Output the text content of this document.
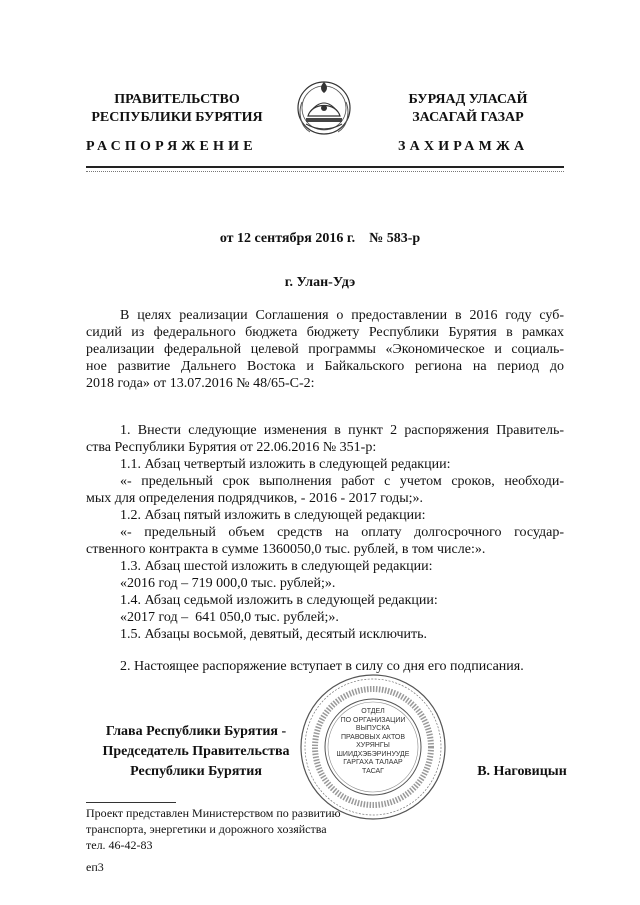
ПРАВИТЕЛЬСТВО
РЕСПУБЛИКИ БУРЯТИЯ
БУРЯАД УЛАСАЙ
ЗАСАГАЙ ГАЗАР
РАСПОРЯЖЕНИЕ	ЗАХИРАМЖА
от 12 сентября 2016 г.    № 583-р
г. Улан-Удэ
В целях реализации Соглашения о предоставлении в 2016 году суб-
сидий из федерального бюджета бюджету Республики Бурятия в рамках
реализации федеральной целевой программы «Экономическое и социаль-
ное развитие Дальнего Востока и Байкальского региона на период до
2018 года» от 13.07.2016 № 48/65-С-2:
1. Внести следующие изменения в пункт 2 распоряжения Правитель-
ства Республики Бурятия от 22.06.2016 № 351-р:
1.1. Абзац четвертый изложить в следующей редакции:
«- предельный срок выполнения работ с учетом сроков, необходи-
мых для определения подрядчиков, - 2016 - 2017 годы;».
1.2. Абзац пятый изложить в следующей редакции:
«- предельный объем средств на оплату долгосрочного государ-
ственного контракта в сумме 1360050,0 тыс. рублей, в том числе:».
1.3. Абзац шестой изложить в следующей редакции:
«2016 год – 719 000,0 тыс. рублей;».
1.4. Абзац седьмой изложить в следующей редакции:
«2017 год –  641 050,0 тыс. рублей;».
1.5. Абзацы восьмой, девятый, десятый исключить.
2. Настоящее распоряжение вступает в силу со дня его подписания.
Глава Республики Бурятия -
Председатель Правительства
Республики Бурятия	В. Наговицын
ОТДЕЛ
ПО ОРГАНИЗАЦИИ
ВЫПУСКА
ПРАВОВЫХ АКТОВ
ХУРЯНГЫ
ШИИДХЭБЭРИНУУДЕ
ГАРГАХА ТАЛААР
ТАСАГ
Проект представлен Министерством по развитию
транспорта, энергетики и дорожного хозяйства
тел. 46-42-83
еп3
